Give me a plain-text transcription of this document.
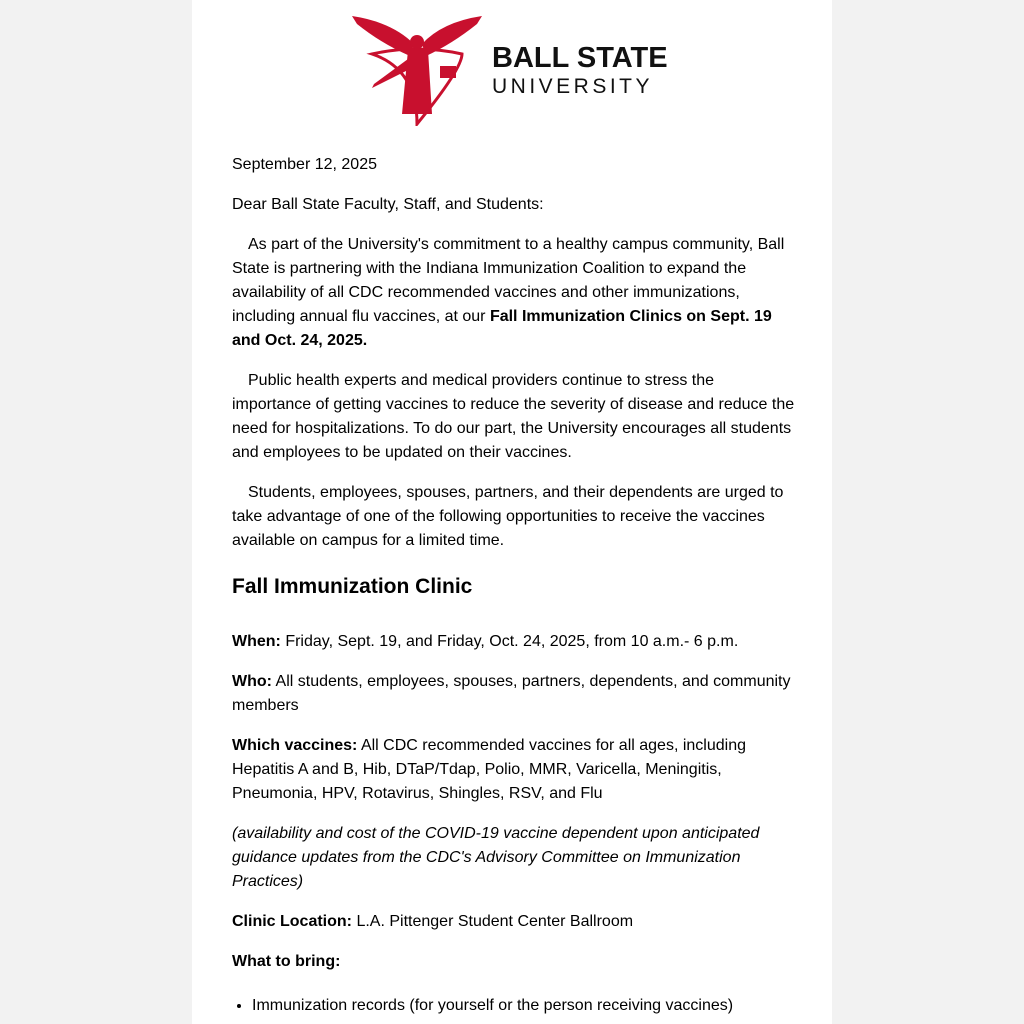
BALL STATE
UNIVERSITY

September 12, 2025

Dear Ball State Faculty, Staff, and Students:

As part of the University's commitment to a healthy campus community, Ball State is partnering with the Indiana Immunization Coalition to expand the availability of all CDC recommended vaccines and other immunizations, including annual flu vaccines, at our Fall Immunization Clinics on Sept. 19 and Oct. 24, 2025.

Public health experts and medical providers continue to stress the importance of getting vaccines to reduce the severity of disease and reduce the need for hospitalizations. To do our part, the University encourages all students and employees to be updated on their vaccines.

Students, employees, spouses, partners, and their dependents are urged to take advantage of one of the following opportunities to receive the vaccines available on campus for a limited time.

Fall Immunization Clinic

When: Friday, Sept. 19, and Friday, Oct. 24, 2025, from 10 a.m.- 6 p.m.

Who: All students, employees, spouses, partners, dependents, and community members

Which vaccines: All CDC recommended vaccines for all ages, including Hepatitis A and B, Hib, DTaP/Tdap, Polio, MMR, Varicella, Meningitis, Pneumonia, HPV, Rotavirus, Shingles, RSV, and Flu

(availability and cost of the COVID-19 vaccine dependent upon anticipated guidance updates from the CDC's Advisory Committee on Immunization Practices)

Clinic Location: L.A. Pittenger Student Center Ballroom

What to bring:

• Immunization records (for yourself or the person receiving vaccines)
